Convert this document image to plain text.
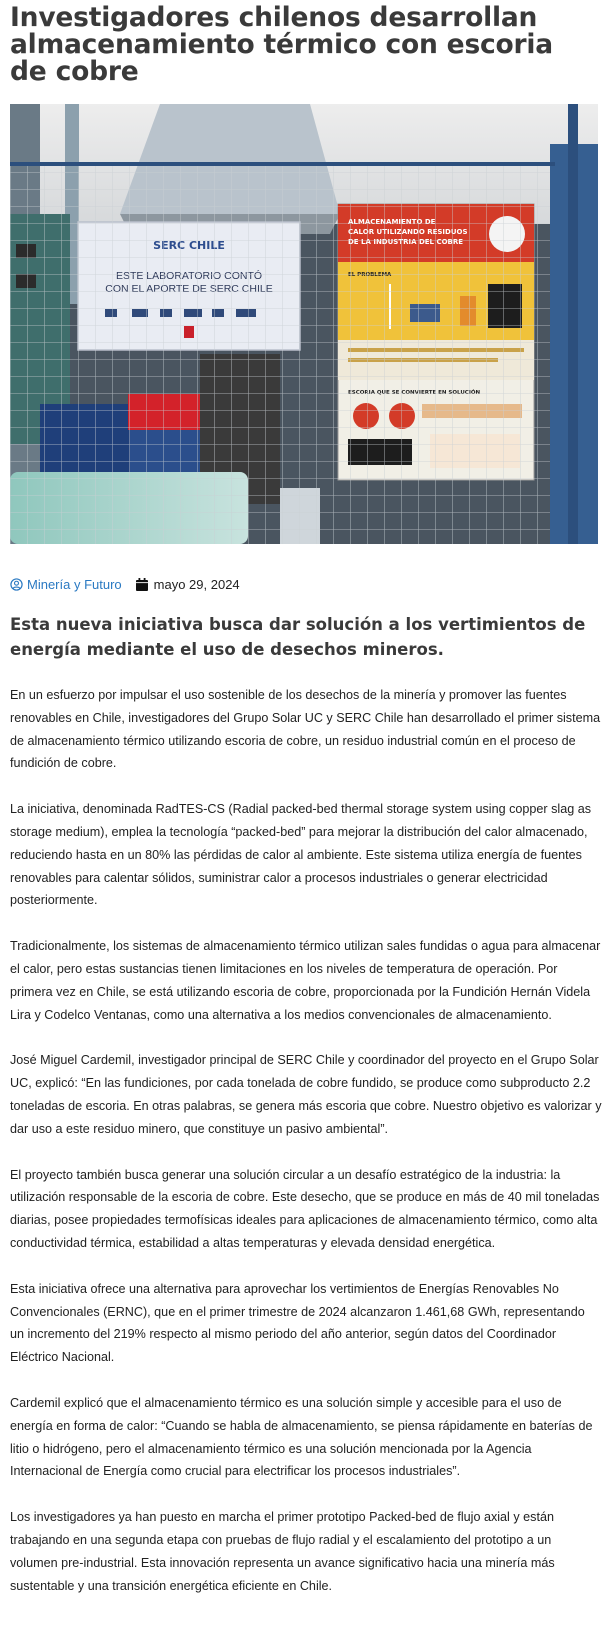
Investigadores chilenos desarrollan almacenamiento térmico con escoria de cobre
Minería y Futuro mayo 29, 2024
Esta nueva iniciativa busca dar solución a los vertimientos de energía mediante el uso de desechos mineros.

En un esfuerzo por impulsar el uso sostenible de los desechos de la minería y promover las fuentes renovables en Chile, investigadores del Grupo Solar UC y SERC Chile han desarrollado el primer sistema de almacenamiento térmico utilizando escoria de cobre, un residuo industrial común en el proceso de fundición de cobre.

La iniciativa, denominada RadTES-CS (Radial packed-bed thermal storage system using copper slag as storage medium), emplea la tecnología “packed-bed” para mejorar la distribución del calor almacenado, reduciendo hasta en un 80% las pérdidas de calor al ambiente. Este sistema utiliza energía de fuentes renovables para calentar sólidos, suministrar calor a procesos industriales o generar electricidad posteriormente.

Tradicionalmente, los sistemas de almacenamiento térmico utilizan sales fundidas o agua para almacenar el calor, pero estas sustancias tienen limitaciones en los niveles de temperatura de operación. Por primera vez en Chile, se está utilizando escoria de cobre, proporcionada por la Fundición Hernán Videla Lira y Codelco Ventanas, como una alternativa a los medios convencionales de almacenamiento.

José Miguel Cardemil, investigador principal de SERC Chile y coordinador del proyecto en el Grupo Solar UC, explicó: “En las fundiciones, por cada tonelada de cobre fundido, se produce como subproducto 2.2 toneladas de escoria. En otras palabras, se genera más escoria que cobre. Nuestro objetivo es valorizar y dar uso a este residuo minero, que constituye un pasivo ambiental”.

El proyecto también busca generar una solución circular a un desafío estratégico de la industria: la utilización responsable de la escoria de cobre. Este desecho, que se produce en más de 40 mil toneladas diarias, posee propiedades termofísicas ideales para aplicaciones de almacenamiento térmico, como alta conductividad térmica, estabilidad a altas temperaturas y elevada densidad energética.

Esta iniciativa ofrece una alternativa para aprovechar los vertimientos de Energías Renovables No Convencionales (ERNC), que en el primer trimestre de 2024 alcanzaron 1.461,68 GWh, representando un incremento del 219% respecto al mismo periodo del año anterior, según datos del Coordinador Eléctrico Nacional.

Cardemil explicó que el almacenamiento térmico es una solución simple y accesible para el uso de energía en forma de calor: “Cuando se habla de almacenamiento, se piensa rápidamente en baterías de litio o hidrógeno, pero el almacenamiento térmico es una solución mencionada por la Agencia Internacional de Energía como crucial para electrificar los procesos industriales”.

Los investigadores ya han puesto en marcha el primer prototipo Packed-bed de flujo axial y están trabajando en una segunda etapa con pruebas de flujo radial y el escalamiento del prototipo a un volumen pre-industrial. Esta innovación representa un avance significativo hacia una minería más sustentable y una transición energética eficiente en Chile.
